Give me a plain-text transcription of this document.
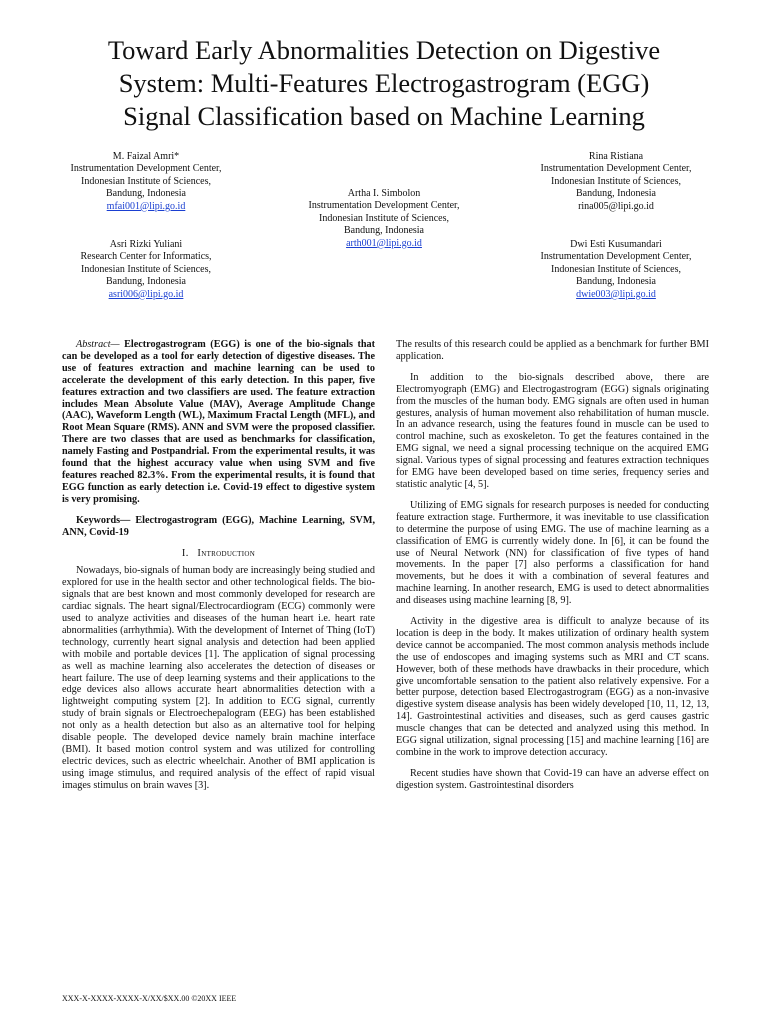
Toward Early Abnormalities Detection on Digestive
System: Multi-Features Electrogastrogram (EGG)
Signal Classification based on Machine Learning
M. Faizal Amri*
Instrumentation Development Center,
Indonesian Institute of Sciences,
Bandung, Indonesia
mfai001@lipi.go.id
Artha I. Simbolon
Instrumentation Development Center,
Indonesian Institute of Sciences,
Bandung, Indonesia
arth001@lipi.go.id
Rina Ristiana
Instrumentation Development Center,
Indonesian Institute of Sciences,
Bandung, Indonesia
rina005@lipi.go.id
Asri Rizki Yuliani
Research Center for Informatics,
Indonesian Institute of Sciences,
Bandung, Indonesia
asri006@lipi.go.id
Dwi Esti Kusumandari
Instrumentation Development Center,
Indonesian Institute of Sciences,
Bandung, Indonesia
dwie003@lipi.go.id

Abstract— Electrogastrogram (EGG) is one of the bio-signals that can be developed as a tool for early detection of digestive diseases. The use of features extraction and machine learning can be used to accelerate the development of this early detection. In this paper, five features extraction and two classifiers are used. The feature extraction includes Mean Absolute Value (MAV), Average Amplitude Change (AAC), Waveform Length (WL), Maximum Fractal Length (MFL), and Root Mean Square (RMS). ANN and SVM were the proposed classifier. There are two classes that are used as benchmarks for classification, namely Fasting and Postpandrial. From the experimental results, it was found that the highest accuracy value when using SVM and five features reached 82.3%. From the experimental results, it is found that EGG function as early detection i.e. Covid-19 effect to digestive system is very promising.

Keywords— Electrogastrogram (EGG), Machine Learning, SVM, ANN, Covid-19

I. Introduction

Nowadays, bio-signals of human body are increasingly being studied and explored for use in the health sector and other technological fields. The bio-signals that are best known and most commonly developed for research are cardiac signals. The heart signal/Electrocardiogram (ECG) commonly were used to analyze activities and diseases of the human heart i.e. heart rate abnormalities (arrhythmia). With the development of Internet of Thing (IoT) technology, currently heart signal analysis and detection had been applied with mobile and portable devices [1]. The application of signal processing as well as machine learning also accelerates the detection of diseases or heart failure. The use of deep learning systems and their applications to the edge devices also allows accurate heart abnormalities detection with a lightweight computing system [2]. In addition to ECG signal, currently study of brain signals or Electroechepalogram (EEG) has been established not only as a health detection but also as an alternative tool for helping disable people. The developed device namely brain machine interface (BMI). It based motion control system and was utilized for controlling electric devices, such as electric wheelchair. Another of BMI application is using image stimulus, and required analysis of the effect of rapid visual images stimulus on brain waves [3].

The results of this research could be applied as a benchmark for further BMI application.

In addition to the bio-signals described above, there are Electromyograph (EMG) and Electrogastrogram (EGG) signals originating from the muscles of the human body. EMG signals are often used in human gestures, analysis of human movement also rehabilitation of human muscle. In an advance research, using the features found in muscle can be used to control machine, such as exoskeleton. To get the features contained in the EMG signal, we need a signal processing technique on the acquired EMG signal. Various types of signal processing and features extraction techniques for EMG have been developed based on time series, frequency series and statistic analytic [4, 5].

Utilizing of EMG signals for research purposes is needed for conducting feature extraction stage. Furthermore, it was inevitable to use classification to determine the purpose of using EMG. The use of machine learning as a classification of EMG is currently widely done. In [6], it can be found the use of Neural Network (NN) for classification of five types of hand movements. In the paper [7] also performs a classification for hand movements, but he does it with a combination of several features and machine learning. In another research, EMG is used to detect abnormalities and diseases using machine learning [8, 9].

Activity in the digestive area is difficult to analyze because of its location is deep in the body. It makes utilization of ordinary health system device cannot be accompanied. The most common analysis methods include the use of endoscopes and imaging systems such as MRI and CT scans. However, both of these methods have drawbacks in their procedure, which give uncomfortable sensation to the patient also relatively expensive. For a better purpose, detection based Electrogastrogram (EGG) as a non-invasive digestive system disease analysis has been widely developed [10, 11, 12, 13, 14]. Gastrointestinal activities and diseases, such as gerd causes gastric muscle changes that can be detected and analyzed using this method. In EGG signal utilization, signal processing [15] and machine learning [16] are combine in the work to improve detection accuracy.

Recent studies have shown that Covid-19 can have an adverse effect on digestion system. Gastrointestinal disorders

XXX-X-XXXX-XXXX-X/XX/$XX.00 ©20XX IEEE
